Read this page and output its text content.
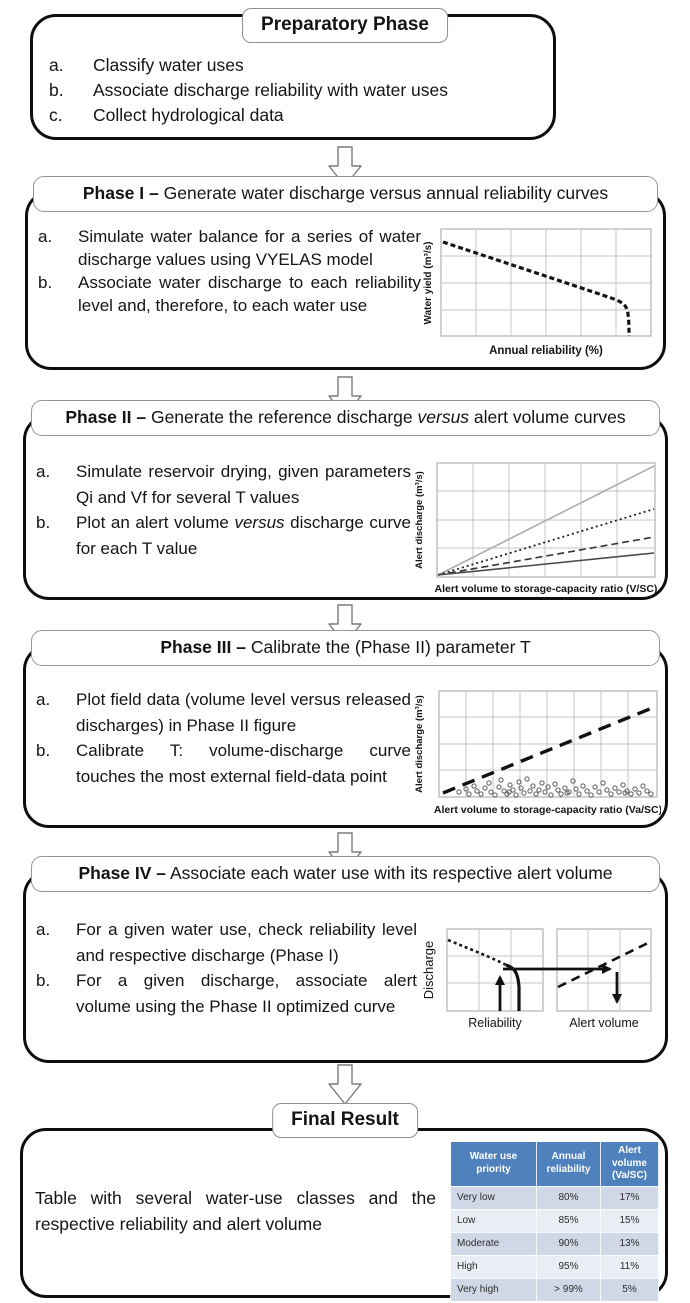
Preparatory Phase
a.	Classify water uses
b.	Associate discharge reliability with water uses
c.	Collect hydrological data
Phase I – Generate water discharge versus annual reliability curves
a.	Simulate water balance for a series of water discharge values using VYELAS model
b.	Associate water discharge to each reliability level and, therefore, to each water use
Annual reliability (%)
Water yield (m³/s)
Phase II – Generate the reference discharge versus alert volume curves
a.	Simulate reservoir drying, given parameters Qi and Vf for several T values
b.	Plot an alert volume versus discharge curve for each T value
Alert volume to storage-capacity ratio (V/SC)
Alert discharge (m³/s)
Phase III – Calibrate the (Phase II) parameter T
a.	Plot field data (volume level versus released discharges) in Phase II figure
b.	Calibrate T: volume-discharge curve touches the most external field-data point
Alert volume to storage-capacity ratio (Va/SC)
Alert discharge (m³/s)
Phase IV – Associate each water use with its respective alert volume
a.	For a given water use, check reliability level and respective discharge (Phase I)
b.	For a given discharge, associate alert volume using the Phase II optimized curve
Discharge
Reliability	Alert volume
Final Result
Table with several water-use classes and the respective reliability and alert volume
Water use priority	Annual reliability	Alert volume (Va/SC)
Very low	80%	17%
Low	85%	15%
Moderate	90%	13%
High	95%	11%
Very high	> 99%	5%
